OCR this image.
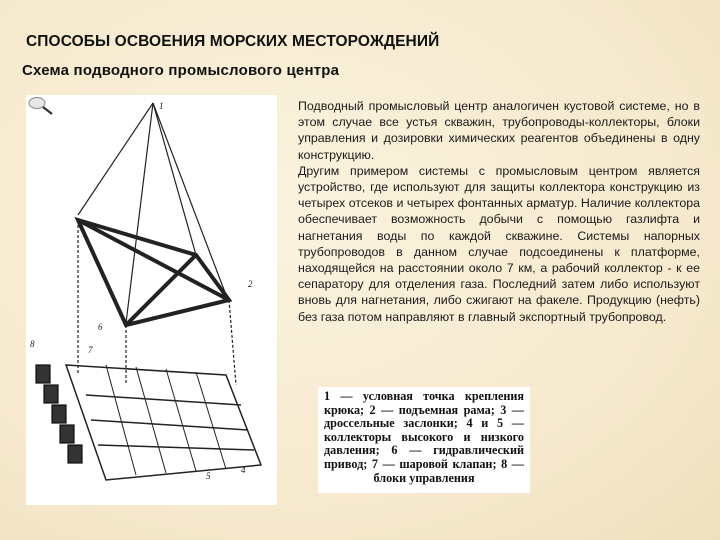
СПОСОБЫ ОСВОЕНИЯ МОРСКИХ МЕСТОРОЖДЕНИЙ
Схема подводного промыслового центра
1
2
6
7
8
4
5

Подводный промысловый центр аналогичен кустовой системе, но в этом случае все устья скважин, трубопроводы-коллекторы, блоки управления и дозировки химических реагентов объединены в одну конструкцию.

Другим примером системы с промысловым центром является устройство, где используют для защиты коллектора конструкцию из четырех отсеков и четырех фонтанных арматур. Наличие коллектора обеспечивает возможность добычи с помощью газлифта и нагнетания воды по каждой скважине. Системы напорных трубопроводов в данном случае подсоединены к платформе, находящейся на расстоянии около 7 км, а рабочий коллектор - к ее сепаратору для отделения газа. Последний затем либо используют вновь для нагнетания, либо сжигают на факеле. Продукцию (нефть) без газа потом направляют в главный экспортный трубопровод.

1 — условная точка крепления крюка; 2 — подъемная рама; 3 — дроссельные заслонки; 4 и 5 — коллекторы высокого и низкого давления; 6 — гидравлический привод; 7 — шаровой клапан; 8 — блоки управления
